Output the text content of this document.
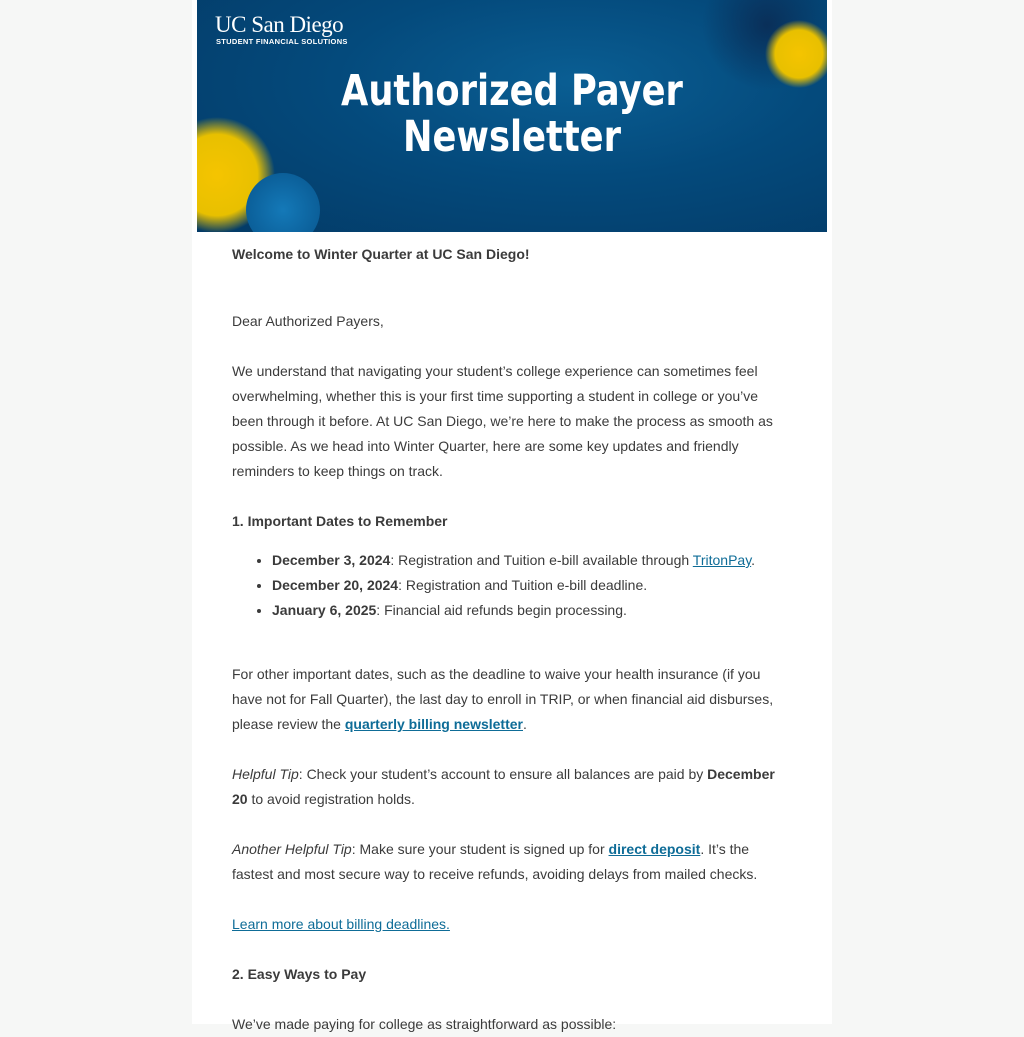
UC San Diego
STUDENT FINANCIAL SOLUTIONS
Authorized Payer
Newsletter

Welcome to Winter Quarter at UC San Diego!

Dear Authorized Payers,

We understand that navigating your student’s college experience can sometimes feel overwhelming, whether this is your first time supporting a student in college or you’ve been through it before. At UC San Diego, we’re here to make the process as smooth as possible. As we head into Winter Quarter, here are some key updates and friendly reminders to keep things on track.

1. Important Dates to Remember

• December 3, 2024: Registration and Tuition e-bill available through TritonPay.
• December 20, 2024: Registration and Tuition e-bill deadline.
• January 6, 2025: Financial aid refunds begin processing.

For other important dates, such as the deadline to waive your health insurance (if you have not for Fall Quarter), the last day to enroll in TRIP, or when financial aid disburses, please review the quarterly billing newsletter.

Helpful Tip: Check your student’s account to ensure all balances are paid by December 20 to avoid registration holds.

Another Helpful Tip: Make sure your student is signed up for direct deposit. It’s the fastest and most secure way to receive refunds, avoiding delays from mailed checks.

Learn more about billing deadlines.

2. Easy Ways to Pay

We’ve made paying for college as straightforward as possible:
